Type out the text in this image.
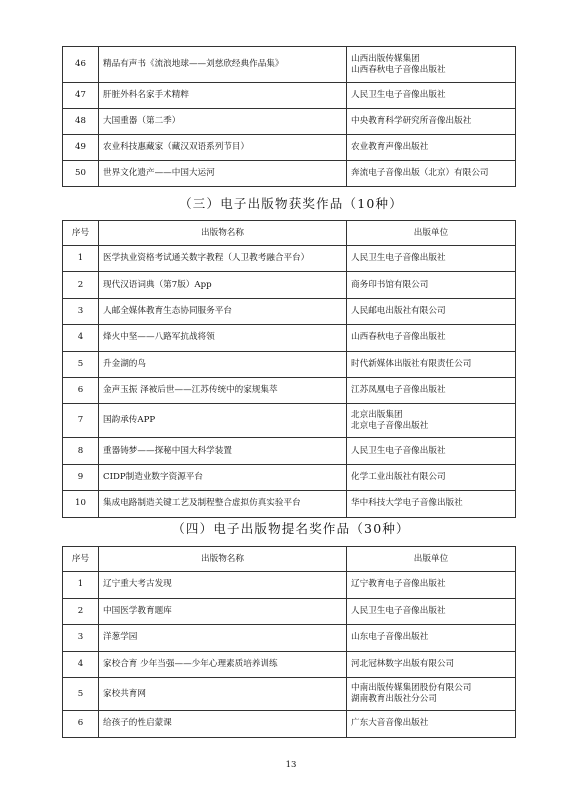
46	精品有声书《流浪地球——刘慈欣经典作品集》	山西出版传媒集团
山西春秋电子音像出版社

47	肝脏外科名家手术精粹	人民卫生电子音像出版社

48	大国重器（第二季）	中央教育科学研究所音像出版社

49	农业科技惠藏家（藏汉双语系列节目）	农业教育声像出版社

50	世界文化遗产——中国大运河	奔流电子音像出版（北京）有限公司
（三）电子出版物获奖作品（10种）
序号	出版物名称	出版单位
1	医学执业资格考试通关数字教程（人卫教考融合平台）	人民卫生电子音像出版社

2	现代汉语词典（第7版）App	商务印书馆有限公司

3	人邮全媒体教育生态协同服务平台	人民邮电出版社有限公司

4	烽火中坚——八路军抗战将领	山西春秋电子音像出版社

5	升金湖的鸟	时代新媒体出版社有限责任公司

6	金声玉振 泽被后世——江苏传统中的家规集萃	江苏凤凰电子音像出版社

7	国韵承传APP	北京出版集团
北京电子音像出版社

8	重器铸梦——探秘中国大科学装置	人民卫生电子音像出版社

9	CIDP制造业数字资源平台	化学工业出版社有限公司

10	集成电路制造关键工艺及制程整合虚拟仿真实验平台	华中科技大学电子音像出版社
（四）电子出版物提名奖作品（30种）
序号	出版物名称	出版单位
1	辽宁重大考古发现	辽宁教育电子音像出版社

2	中国医学教育题库	人民卫生电子音像出版社

3	洋葱学园	山东电子音像出版社

4	家校合育 少年当强——少年心理素质培养训练	河北冠林数字出版有限公司

5	家校共育网	中南出版传媒集团股份有限公司
湖南教育出版社分公司

6	给孩子的性启蒙课	广东大音音像出版社
13
